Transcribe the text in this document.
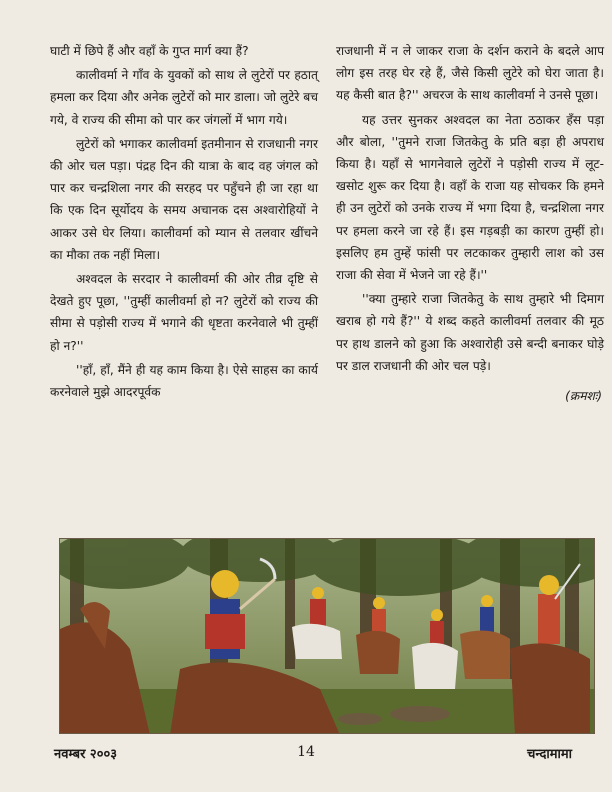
घाटी में छिपे हैं और वहाँ के गुप्त मार्ग क्या हैं?

कालीवर्मा ने गाँव के युवकों को साथ ले लुटेरों पर हठात्‌ हमला कर दिया और अनेक लुटेरों को मार डाला। जो लुटेरे बच गये, वे राज्य की सीमा को पार कर जंगलों में भाग गये।

लुटेरों को भगाकर कालीवर्मा इतमीनान से राजधानी नगर की ओर चल पड़ा। पंद्रह दिन की यात्रा के बाद वह जंगल को पार कर चन्द्रशिला नगर की सरहद पर पहुँचने ही जा रहा था कि एक दिन सूर्योदय के समय अचानक दस अश्वारोहियों ने आकर उसे घेर लिया। कालीवर्मा को म्यान से तलवार खींचने का मौका तक नहीं मिला।

अश्वदल के सरदार ने कालीवर्मा की ओर तीव्र दृष्टि से देखते हुए पूछा, ''तुम्हीं कालीवर्मा हो न? लुटेरों को राज्य की सीमा से पड़ोसी राज्य में भगाने की धृष्टता करनेवाले भी तुम्हीं हो न?''

''हाँ, हाँ, मैंने ही यह काम किया है। ऐसे साहस का कार्य करनेवाले मुझे आदरपूर्वक

राजधानी में न ले जाकर राजा के दर्शन कराने के बदले आप लोग इस तरह घेर रहे हैं, जैसे किसी लुटेरे को घेरा जाता है। यह कैसी बात है?'' अचरज के साथ कालीवर्मा ने उनसे पूछा।

यह उत्तर सुनकर अश्वदल का नेता ठठाकर हँस पड़ा और बोला, ''तुमने राजा जितकेतु के प्रति बड़ा ही अपराध किया है। यहाँ से भागनेवाले लुटेरों ने पड़ोसी राज्य में लूट-खसोट शुरू कर दिया है। वहाँ के राजा यह सोचकर कि हमने ही उन लुटेरों को उनके राज्य में भगा दिया है, चन्द्रशिला नगर पर हमला करने जा रहे हैं। इस गड़बड़ी का कारण तुम्हीं हो। इसलिए हम तुम्हें फांसी पर लटकाकर तुम्हारी लाश को उस राजा की सेवा में भेजने जा रहे हैं।''

''क्या तुम्हारे राजा जितकेतु के साथ तुम्हारे भी दिमाग खराब हो गये हैं?'' ये शब्द कहते कालीवर्मा तलवार की मूठ पर हाथ डालने को हुआ कि अश्वारोही उसे बन्दी बनाकर घोड़े पर डाल राजधानी की ओर चल पड़े।

(क्रमशः)
नवम्बर २००३	14	चन्दामामा
